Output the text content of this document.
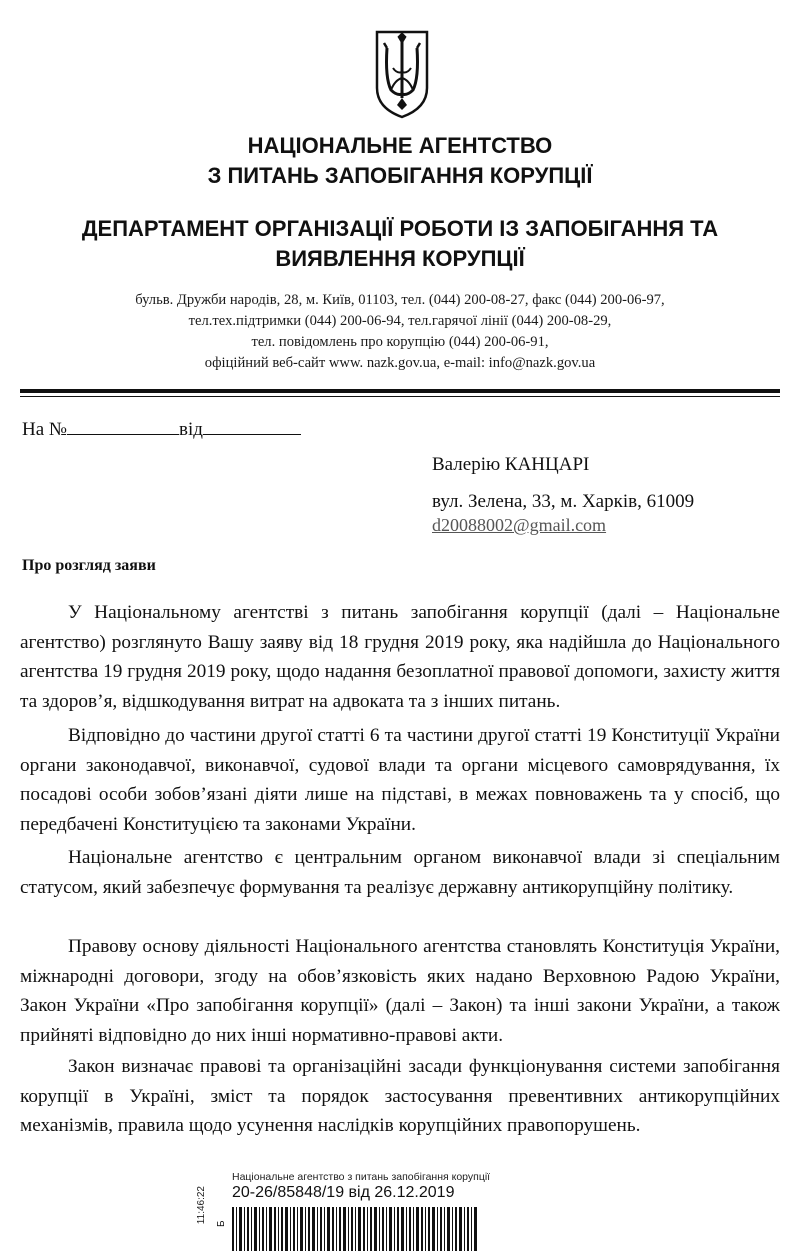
НАЦІОНАЛЬНЕ АГЕНТСТВО
З ПИТАНЬ ЗАПОБІГАННЯ КОРУПЦІЇ
ДЕПАРТАМЕНТ ОРГАНІЗАЦІЇ РОБОТИ ІЗ ЗАПОБІГАННЯ ТА
ВИЯВЛЕННЯ КОРУПЦІЇ
бульв. Дружби народів, 28, м. Київ, 01103, тел. (044) 200-08-27, факс (044) 200-06-97,
тел.тех.підтримки (044) 200-06-94, тел.гарячої лінії (044) 200-08-29,
тел. повідомлень про корупцію (044) 200-06-91,
офіційний веб-сайт www. nazk.gov.ua, e-mail: info@nazk.gov.ua
На №	від
Валерію КАНЦАРІ
вул. Зелена, 33, м. Харків, 61009
d20088002@gmail.com
Про розгляд заяви

У Національному агентстві з питань запобігання корупції (далі – Національне агентство) розглянуто Вашу заяву від 18 грудня 2019 року, яка надійшла до Національного агентства 19 грудня 2019 року, щодо надання безоплатної правової допомоги, захисту життя та здоров’я, відшкодування витрат на адвоката та з інших питань.

Відповідно до частини другої статті 6 та частини другої статті 19 Конституції України органи законодавчої, виконавчої, судової влади та органи місцевого самоврядування, їх посадові особи зобов’язані діяти лише на підставі, в межах повноважень та у спосіб, що передбачені Конституцією та законами України.

Національне агентство є центральним органом виконавчої влади зі спеціальним статусом, який забезпечує формування та реалізує державну антикорупційну політику.

Правову основу діяльності Національного агентства становлять Конституція України, міжнародні договори, згоду на обов’язковість яких надано Верховною Радою України, Закон України «Про запобігання корупції» (далі – Закон) та інші закони України, а також прийняті відповідно до них інші нормативно-правові акти.

Закон визначає правові та організаційні засади функціонування системи запобігання корупції в Україні, зміст та порядок застосування превентивних антикорупційних механізмів, правила щодо усунення наслідків корупційних правопорушень.

Національне агентство з питань запобігання корупції
20-26/85848/19 від 26.12.2019
11:46:22 Б
